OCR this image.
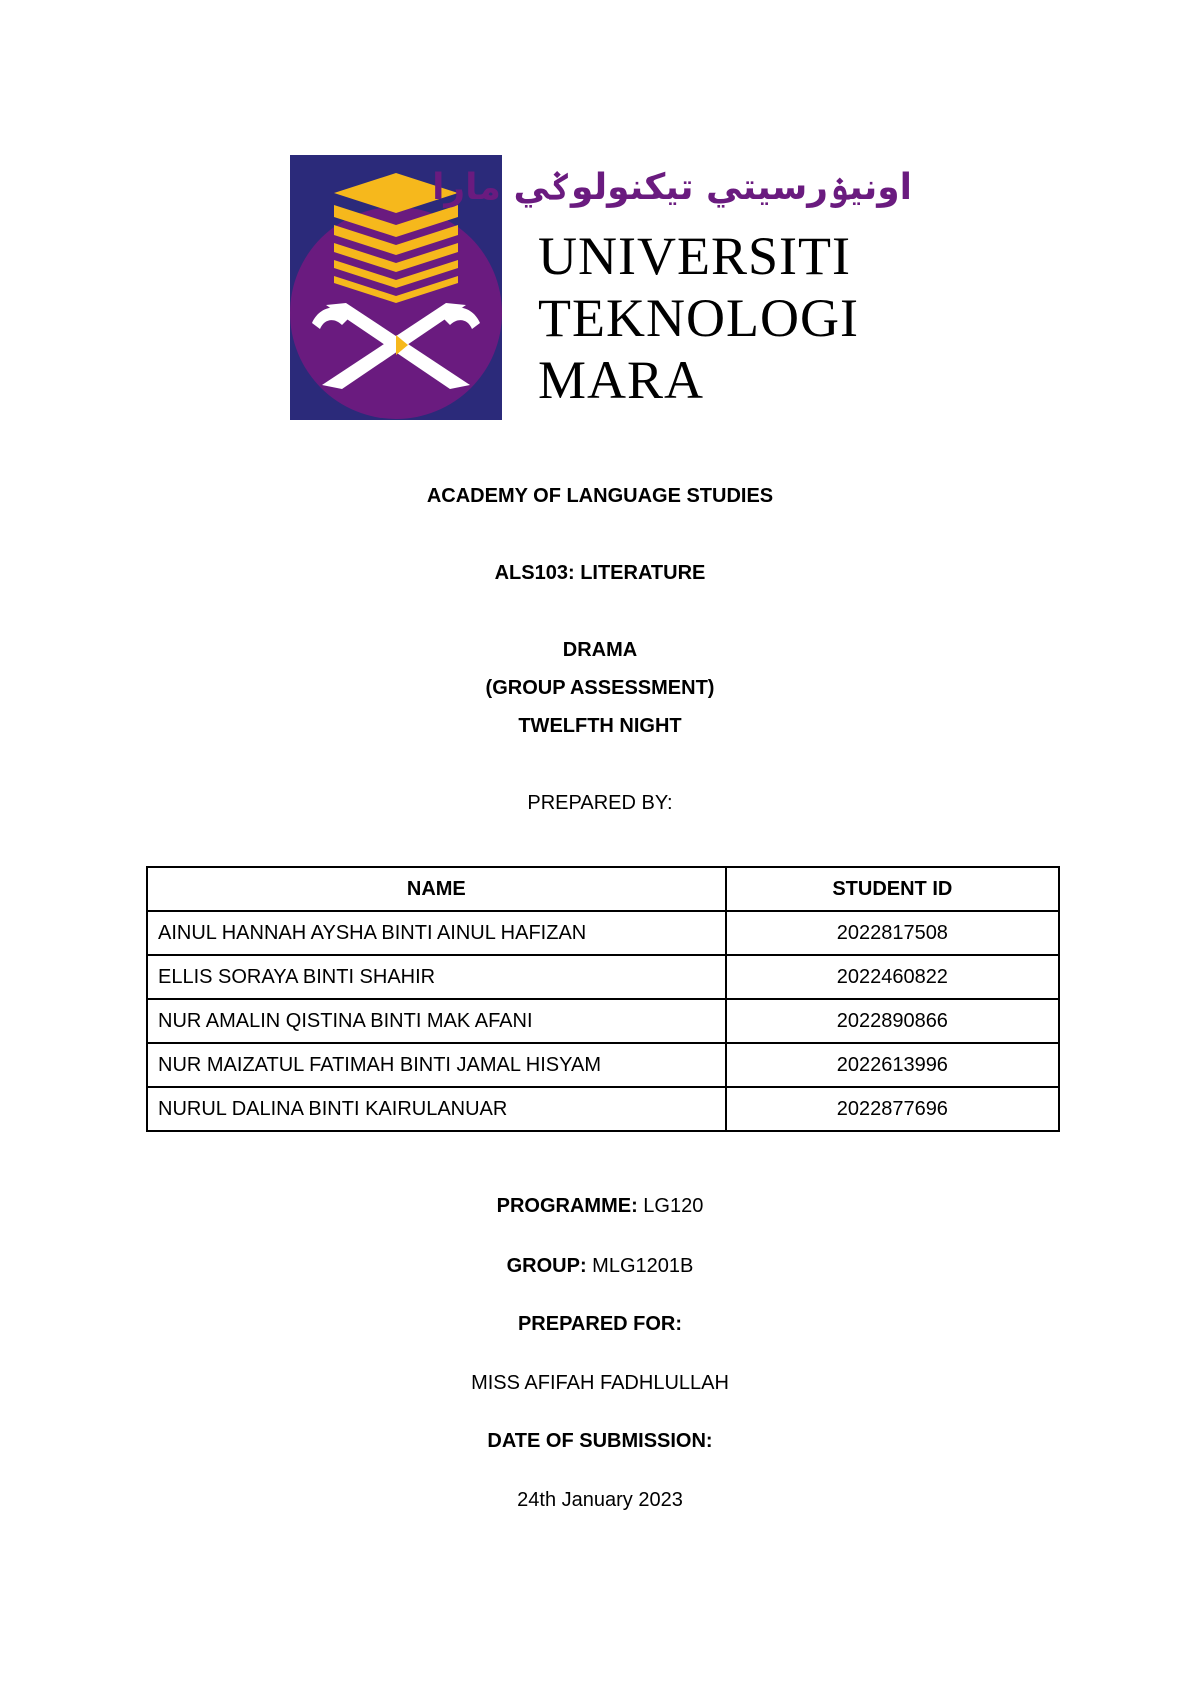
اونيۏرسيتي تيكنولوݢي مارا
UNIVERSITI
TEKNOLOGI
MARA

ACADEMY OF LANGUAGE STUDIES

ALS103: LITERATURE

DRAMA

(GROUP ASSESSMENT)

TWELFTH NIGHT

PREPARED BY:

NAME	STUDENT ID
AINUL HANNAH AYSHA BINTI AINUL HAFIZAN	2022817508
ELLIS SORAYA BINTI SHAHIR	2022460822
NUR AMALIN QISTINA BINTI MAK AFANI	2022890866
NUR MAIZATUL FATIMAH BINTI JAMAL HISYAM	2022613996
NURUL DALINA BINTI KAIRULANUAR	2022877696

PROGRAMME: LG120

GROUP: MLG1201B

PREPARED FOR:

MISS AFIFAH FADHLULLAH

DATE OF SUBMISSION:

24th January 2023
